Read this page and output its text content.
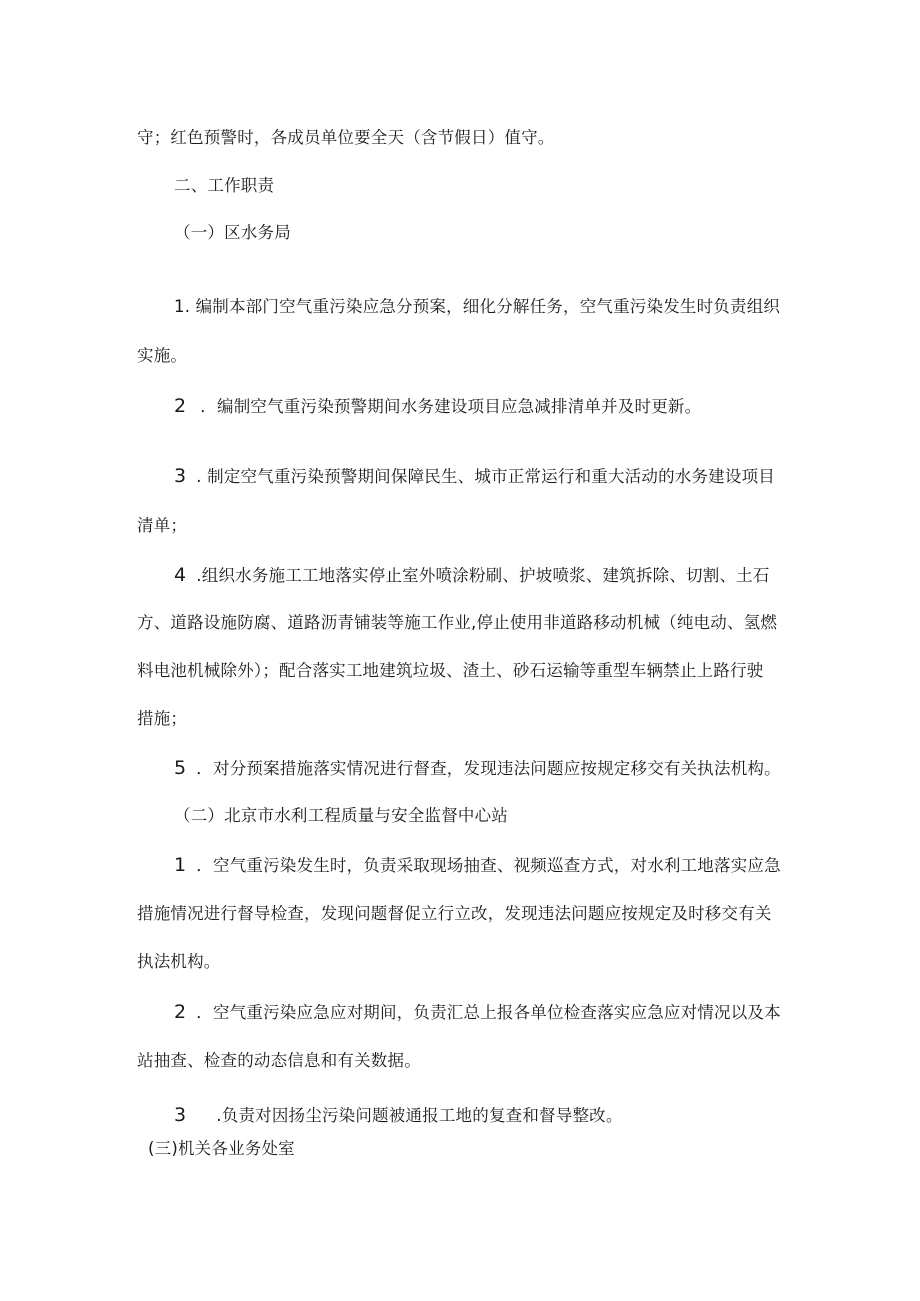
守；红色预警时，各成员单位要全天（含节假日）值守。
二、工作职责
（一）区水务局
1. 编制本部门空气重污染应急分预案，细化分解任务，空气重污染发生时负责组织
实施。
2 ．编制空气重污染预警期间水务建设项目应急减排清单并及时更新。
3 . 制定空气重污染预警期间保障民生、城市正常运行和重大活动的水务建设项目
清单；
4 .组织水务施工工地落实停止室外喷涂粉刷、护坡喷浆、建筑拆除、切割、土石
方、道路设施防腐、道路沥青铺装等施工作业,停止使用非道路移动机械（纯电动、氢燃
料电池机械除外）；配合落实工地建筑垃圾、渣土、砂石运输等重型车辆禁止上路行驶
措施；
5 ．对分预案措施落实情况进行督查，发现违法问题应按规定移交有关执法机构。
（二）北京市水利工程质量与安全监督中心站
1 ．空气重污染发生时，负责采取现场抽查、视频巡查方式，对水利工地落实应急
措施情况进行督导检查，发现问题督促立行立改，发现违法问题应按规定及时移交有关
执法机构。
2 ．空气重污染应急应对期间，负责汇总上报各单位检查落实应急应对情况以及本
站抽查、检查的动态信息和有关数据。
3 .负责对因扬尘污染问题被通报工地的复查和督导整改。
(三)机关各业务处室
